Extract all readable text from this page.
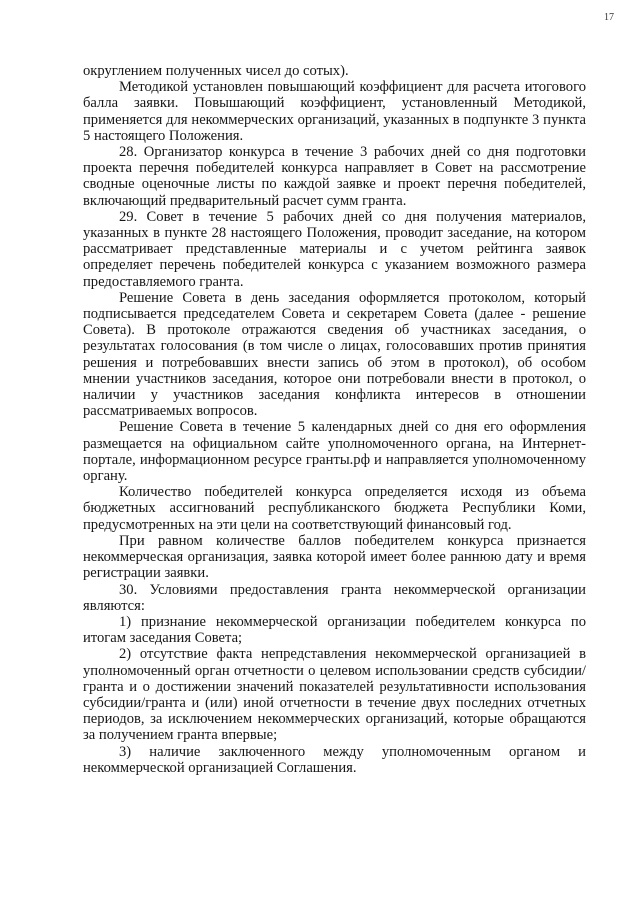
17

округлением полученных чисел до сотых).

Методикой установлен повышающий коэффициент для расчета итогового балла заявки. Повышающий коэффициент, установленный Методикой, применяется для некоммерческих организаций, указанных в подпункте 3 пункта 5 настоящего Положения.

28. Организатор конкурса в течение 3 рабочих дней со дня подготовки проекта перечня победителей конкурса направляет в Совет на рассмотрение сводные оценочные листы по каждой заявке и проект перечня победителей, включающий предварительный расчет сумм гранта.

29. Совет в течение 5 рабочих дней со дня получения материалов, указанных в пункте 28 настоящего Положения, проводит заседание, на котором рассматривает представленные материалы и с учетом рейтинга заявок определяет перечень победителей конкурса с указанием возможного размера предоставляемого гранта.

Решение Совета в день заседания оформляется протоколом, который подписывается председателем Совета и секретарем Совета (далее - решение Совета). В протоколе отражаются сведения об участниках заседания, о результатах голосования (в том числе о лицах, голосовавших против принятия решения и потребовавших внести запись об этом в протокол), об особом мнении участников заседания, которое они потребовали внести в протокол, о наличии у участников заседания конфликта интересов в отношении рассматриваемых вопросов.

Решение Совета в течение 5 календарных дней со дня его оформления размещается на официальном сайте уполномоченного органа, на Интернет-портале, информационном ресурсе гранты.рф и направляется уполномоченному органу.

Количество победителей конкурса определяется исходя из объема бюджетных ассигнований республиканского бюджета Республики Коми, предусмотренных на эти цели на соответствующий финансовый год.

При равном количестве баллов победителем конкурса признается некоммерческая организация, заявка которой имеет более раннюю дату и время регистрации заявки.

30. Условиями предоставления гранта некоммерческой организации являются:

1) признание некоммерческой организации победителем конкурса по итогам заседания Совета;

2) отсутствие факта непредставления некоммерческой организацией в уполномоченный орган отчетности о целевом использовании средств субсидии/гранта и о достижении значений показателей результативности использования субсидии/гранта и (или) иной отчетности в течение двух последних отчетных периодов, за исключением некоммерческих организаций, которые обращаются за получением гранта впервые;

3) наличие заключенного между уполномоченным органом и некоммерческой организацией Соглашения.
